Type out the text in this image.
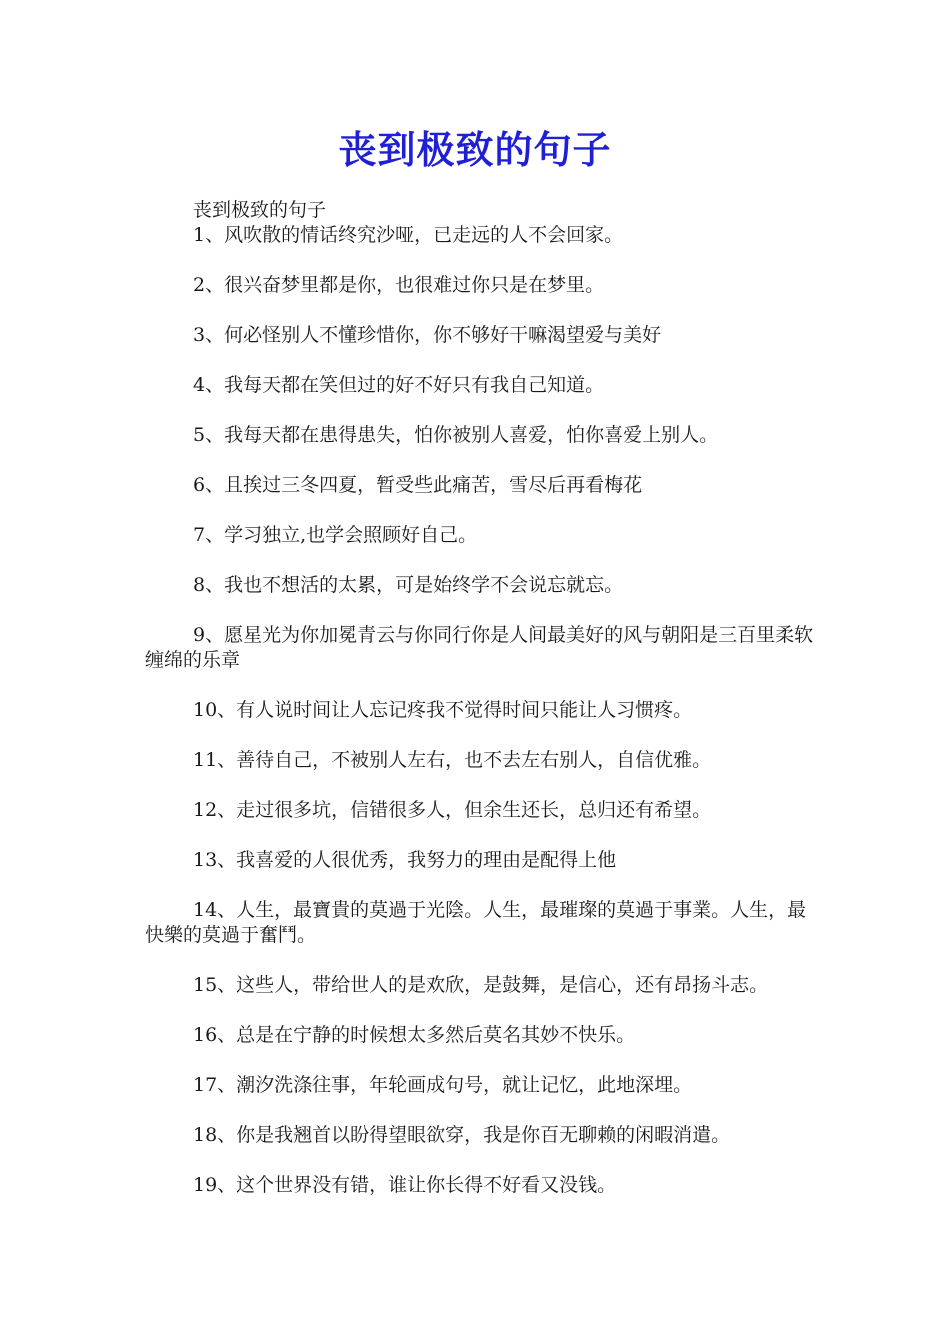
丧到极致的句子

丧到极致的句子

1、风吹散的情话终究沙哑，已走远的人不会回家。

2、很兴奋梦里都是你，也很难过你只是在梦里。

3、何必怪别人不懂珍惜你，你不够好干嘛渴望爱与美好

4、我每天都在笑但过的好不好只有我自己知道。

5、我每天都在患得患失，怕你被别人喜爱，怕你喜爱上别人。

6、且挨过三冬四夏，暂受些此痛苦，雪尽后再看梅花

7、学习独立,也学会照顾好自己。

8、我也不想活的太累，可是始终学不会说忘就忘。

9、愿星光为你加冕青云与你同行你是人间最美好的风与朝阳是三百里柔软缠绵的乐章

10、有人说时间让人忘记疼我不觉得时间只能让人习惯疼。

11、善待自己，不被别人左右，也不去左右别人，自信优雅。

12、走过很多坑，信错很多人，但余生还长，总归还有希望。

13、我喜爱的人很优秀，我努力的理由是配得上他

14、人生，最寶貴的莫過于光陰。人生，最璀璨的莫過于事業。人生，最快樂的莫過于奮鬥。

15、这些人，带给世人的是欢欣，是鼓舞，是信心，还有昂扬斗志。

16、总是在宁静的时候想太多然后莫名其妙不快乐。

17、潮汐洗涤往事，年轮画成句号，就让记忆，此地深埋。

18、你是我翘首以盼得望眼欲穿，我是你百无聊赖的闲暇消遣。

19、这个世界没有错，谁让你长得不好看又没钱。
